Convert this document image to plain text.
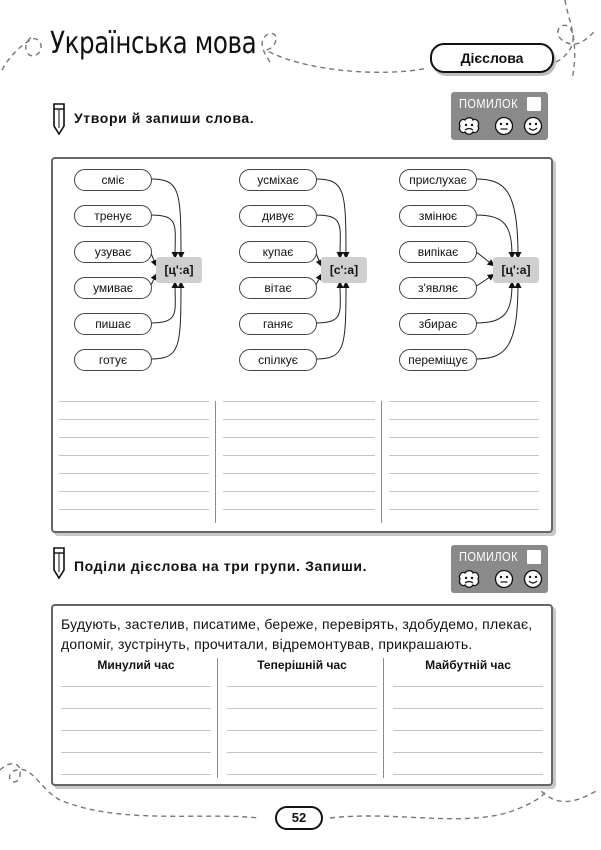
Українська мова	Дієслова
Утвори й запиши слова.
ПОМИЛОК
сміє
тренує
узуває
умиває
пишає
готує
[ц':а]
усміхає
дивує
купає
вітає
ганяє
спілкує
[с':а]
прислухає
змінює
випікає
з'являє
збирає
переміщує
[ц':а]
Поділи дієслова на три групи. Запиши.
ПОМИЛОК
Будують, застелив, писатиме, береже, перевірять, здобудемо, плекає,
допоміг, зустрінуть, прочитали, відремонтував, прикрашають.
Минулий час	Теперішній час	Майбутній час
52
